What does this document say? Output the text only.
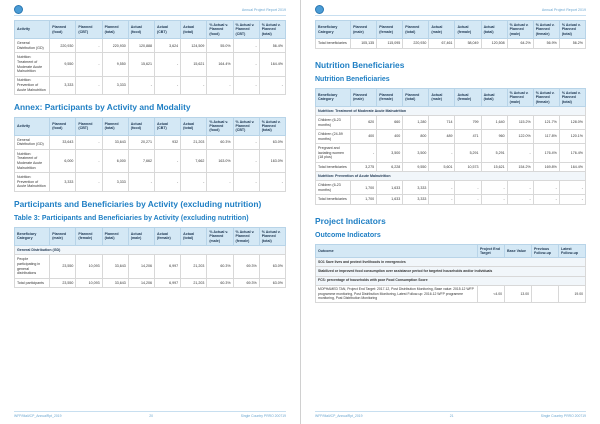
Annual Project Report 2019
Activity	Planned (food)	Planned (CBT)	Planned (total)	Actual (food)	Actual (CBT)	Actual (total)	% Actual v. Planned (food)	% Actual v. Planned (CBT)	% Actual v. Planned (total)
General Distribution (GD)	220,930	-	220,930	120,888	3,624	124,509	55.0%	-	56.4%
Nutrition: Treatment of Moderate Acute Malnutrition	9,550	-	9,550	15,621	-	15,621	164.4%	-	164.4%
Nutrition: Prevention of Acute Malnutrition	3,333	-	3,333	-	-	-	-	-	-
Annex: Participants by Activity and Modality
Activity	Planned (food)	Planned (CBT)	Planned (total)	Actual (food)	Actual (CBT)	Actual (total)	% Actual v. Planned (food)	% Actual v. Planned (CBT)	% Actual v. Planned (total)
General Distribution (GD)	33,643	-	33,643	20,271	932	21,203	60.3%	-	63.0%
Nutrition: Treatment of Moderate Acute Malnutrition	6,000	-	6,000	7,662	-	7,662	163.0%	-	163.0%
Nutrition: Prevention of Acute Malnutrition	3,333	-	3,333	-	-	-	-	-	-
Participants and Beneficiaries by Activity (excluding nutrition)
Table 3: Participants and Beneficiaries by Activity (excluding nutrition)
Beneficiary Category	Planned (male)	Planned (female)	Planned (total)	Actual (male)	Actual (female)	Actual (total)	% Actual v. Planned (male)	% Actual v. Planned (female)	% Actual v. Planned (total)
General Distribution (GD)									
People participating in general distributions	23,550	10,093	33,643	14,206	6,997	21,203	60.3%	69.3%	63.0%
Total participants	23,550	10,093	33,643	14,206	6,997	21,203	60.3%	69.3%	63.0%
WFP/Mali/CP_AnnualRpt_2019	20	Single Country PRRO 200719
Annual Project Report 2019
Beneficiary Category	Planned (male)	Planned (female)	Planned (total)	Actual (male)	Actual (female)	Actual (total)	% Actual v. Planned (male)	% Actual v. Planned (female)	% Actual v. Planned (total)
Total beneficiaries	105,135	115,095	220,930	67,461	58,049	120,508	64.2%	56.9%	56.2%
Nutrition Beneficiaries
Nutrition Beneficiaries
Beneficiary Category	Planned (male)	Planned (female)	Planned (total)	Actual (male)	Actual (female)	Actual (total)	% Actual v. Planned (male)	% Actual v. Planned (female)	% Actual v. Planned (total)
Nutrition: Treatment of Moderate Acute Malnutrition									
Children (6-23 months)	620	660	1,280	714	799	1,640	115.2%	121.7%	128.0%
Children (24-59 months)	400	400	800	489	471	960	122.0%	117.8%	120.1%
Pregnant and lactating women (18 plus)	-	3,500	3,500	-	5,291	5,291	-	176.4%	176.4%
Total beneficiaries	3,275	6,228	9,550	5,601	10,573	15,621	154.2%	169.8%	164.4%
Nutrition: Prevention of Acute Malnutrition									
Children (6-23 months)	1,700	1,633	3,333	-	-	-	-	-	-
Total beneficiaries	1,700	1,633	3,333	-	-	-	-	-	-
Project Indicators
Outcome Indicators
Outcome	Project End Target	Base Value	Previous Follow-up	Latest Follow-up
SO1 Save lives and protect livelihoods in emergencies				
Stabilized or improved food consumption over assistance period for targeted households and/or individuals				
FCS: percentage of households with poor Food Consumption Score				
MOPHAMED TAN, Project End Target: 2017.12, Post Distribution Monitoring, Base value: 2015.12 WFP programme monitoring, Post Distribution Monitoring, Latest Follow-up: 2016.12 WFP programme monitoring, Post Distribution Monitoring	<4.00	13.00		19.00
WFP/Mali/CP_AnnualRpt_2019	21	Single Country PRRO 200719
